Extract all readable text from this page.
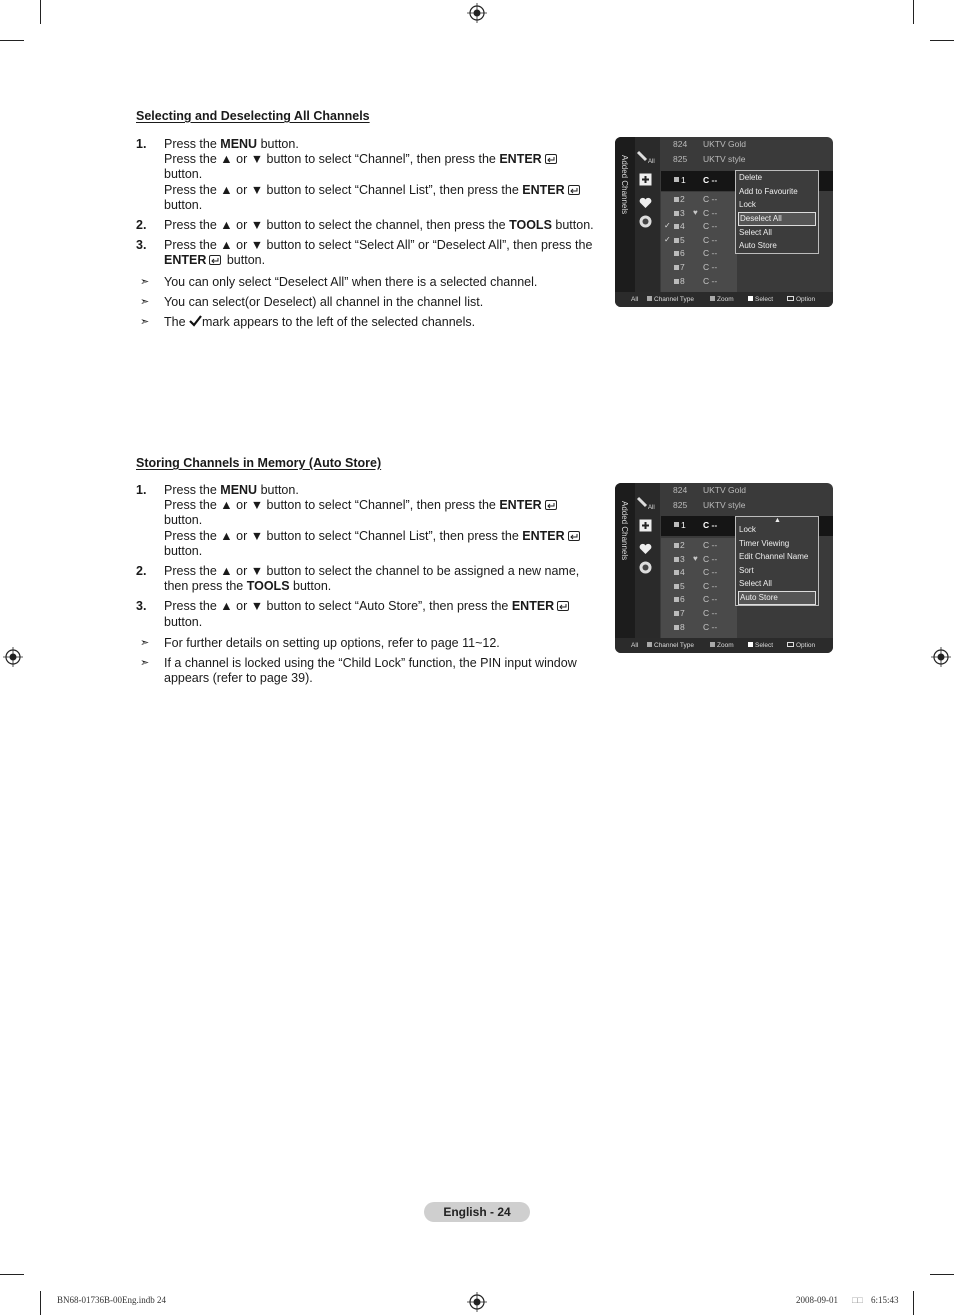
Selecting and Deselecting All Channels
1. Press the MENU button.
Press the ▲ or ▼ button to select “Channel”, then press the ENTER
button.
Press the ▲ or ▼ button to select “Channel List”, then press the ENTER
button.
2. Press the ▲ or ▼ button to select the channel, then press the TOOLS button.
3. Press the ▲ or ▼ button to select “Select All” or “Deselect All”, then press the ENTER button.
➣ You can only select “Deselect All” when there is a selected channel.
➣ You can select(or Deselect) all channel in the channel list.
➣ The mark appears to the left of the selected channels.
Added Channels	All
824 UKTV Gold
825 UKTV style
1 C --
2 C --
3 ♥ C --
✓ 4 C --
✓ 5 C --
6 C --
7 C --
8 C --
Delete
Add to Favourite
Lock
Deselect All
Select All
Auto Store
All	Channel Type	Zoom	Select	Option
Storing Channels in Memory (Auto Store)
1. Press the MENU button.
Press the ▲ or ▼ button to select “Channel”, then press the ENTER
button.
Press the ▲ or ▼ button to select “Channel List”, then press the ENTER
button.
2. Press the ▲ or ▼ button to select the channel to be assigned a new name, then press the TOOLS button.
3. Press the ▲ or ▼ button to select “Auto Store”, then press the ENTER
button.
➣ For further details on setting up options, refer to page 11~12.
➣ If a channel is locked using the “Child Lock” function, the PIN input window appears (refer to page 39).
Added Channels	All
824 UKTV Gold
825 UKTV style
1 C --
2 C --
3 ♥ C --
4 C --
5 C --
6 C --
7 C --
8 C --
▲
Lock
Timer Viewing
Edit Channel Name
Sort
Select All
Auto Store
All	Channel Type	Zoom	Select	Option
English - 24
BN68-01736B-00Eng.indb 24	2008-09-01 □□ 6:15:43
